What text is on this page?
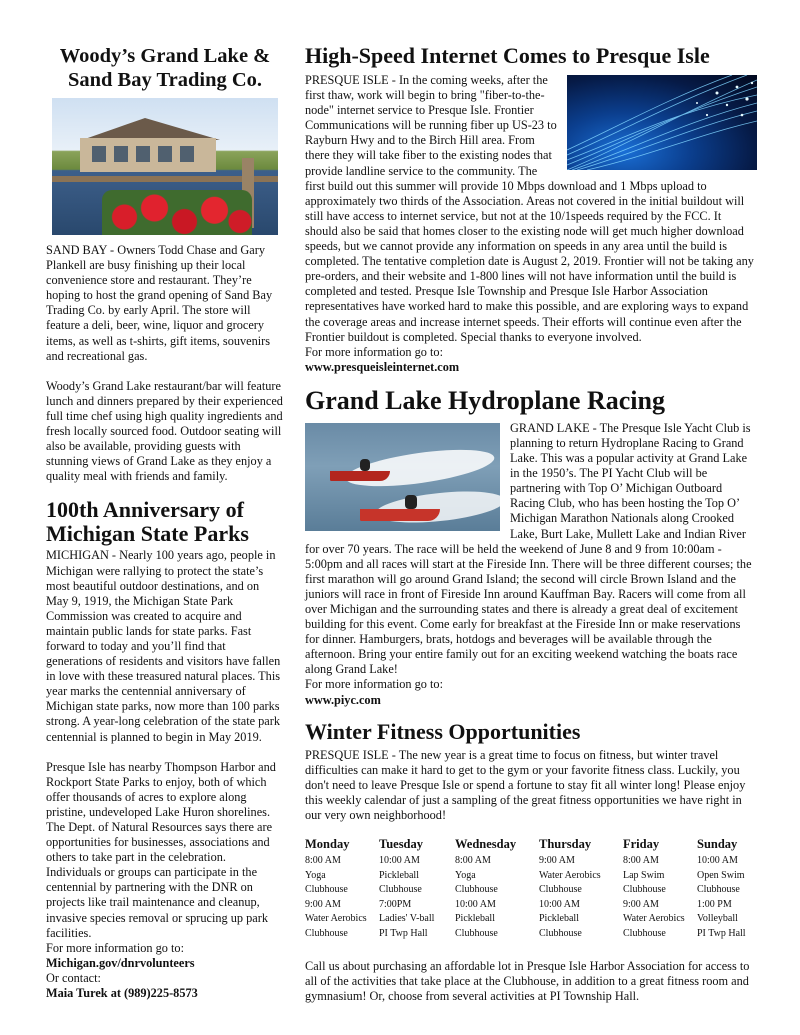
Woody’s Grand Lake & Sand Bay Trading Co.

SAND BAY - Owners Todd Chase and Gary Plankell are busy finishing up their local convenience store and restaurant. They’re hoping to host the grand opening of Sand Bay Trading Co. by early April. The store will feature a deli, beer, wine, liquor and grocery items, as well as t-shirts, gift items, souvenirs and recreational gas.

Woody’s Grand Lake restaurant/bar will feature lunch and dinners prepared by their experienced full time chef using high quality ingredients and fresh locally sourced food. Outdoor seating will also be available, providing guests with stunning views of Grand Lake as they enjoy a quality meal with friends and family.

100th Anniversary of Michigan State Parks

MICHIGAN - Nearly 100 years ago, people in Michigan were rallying to protect the state’s most beautiful outdoor destinations, and on May 9, 1919, the Michigan State Park Commission was created to acquire and maintain public lands for state parks. Fast forward to today and you’ll find that generations of residents and visitors have fallen in love with these treasured natural places. This year marks the centennial anniversary of Michigan state parks, now more than 100 parks strong. A year-long celebration of the state park centennial is planned to begin in May 2019.

Presque Isle has nearby Thompson Harbor and Rockport State Parks to enjoy, both of which offer thousands of acres to explore along pristine, undeveloped Lake Huron shorelines. The Dept. of Natural Resources says there are opportunities for businesses, associations and others to take part in the celebration. Individuals or groups can participate in the centennial by partnering with the DNR on projects like trail maintenance and cleanup, invasive species removal or sprucing up park facilities.

For more information go to:

Michigan.gov/dnrvolunteers

Or contact:

Maia Turek at (989)225-8573

High-Speed Internet Comes to Presque Isle

PRESQUE ISLE - In the coming weeks, after the first thaw, work will begin to bring "fiber-to-the-node" internet service to Presque Isle. Frontier Communications will be running fiber up US-23 to Rayburn Hwy and to the Birch Hill area. From there they will take fiber to the existing nodes that provide landline service to the community. The first build out this summer will provide 10 Mbps download and 1 Mbps upload to approximately two thirds of the Association. Areas not covered in the initial buildout will still have access to internet service, but not at the 10/1speeds required by the FCC. It should also be said that homes closer to the existing node will get much higher download speeds, but we cannot provide any information on speeds in any area until the build is completed. The tentative completion date is August 2, 2019. Frontier will not be taking any pre-orders, and their website and 1-800 lines will not have information until the build is completed and tested. Presque Isle Township and Presque Isle Harbor Association representatives have worked hard to make this possible, and are exploring ways to expand the coverage areas and increase internet speeds. Their efforts will continue even after the Frontier buildout is completed. Special thanks to everyone involved.

For more information go to:

www.presqueisleinternet.com

Grand Lake Hydroplane Racing

GRAND LAKE - The Presque Isle Yacht Club is planning to return Hydroplane Racing to Grand Lake. This was a popular activity at Grand Lake in the 1950’s. The PI Yacht Club will be partnering with Top O’ Michigan Outboard Racing Club, who has been hosting the Top O’ Michigan Marathon Nationals along Crooked Lake, Burt Lake, Mullett Lake and Indian River for over 70 years. The race will be held the weekend of June 8 and 9 from 10:00am - 5:00pm and all races will start at the Fireside Inn. There will be three different courses; the first marathon will go around Grand Island; the second will circle Brown Island and the juniors will race in front of Fireside Inn around Kauffman Bay. Racers will come from all over Michigan and the surrounding states and there is already a great deal of excitement building for this event. Come early for breakfast at the Fireside Inn or make reservations for dinner. Hamburgers, brats, hotdogs and beverages will be available through the afternoon. Bring your entire family out for an exciting weekend watching the boats race along Grand Lake!

For more information go to:

www.piyc.com

Winter Fitness Opportunities

PRESQUE ISLE - The new year is a great time to focus on fitness, but winter travel difficulties can make it hard to get to the gym or your favorite fitness class. Luckily, you don't need to leave Presque Isle or spend a fortune to stay fit all winter long! Please enjoy this weekly calendar of just a sampling of the great fitness opportunities we have right in our very own neighborhood!

Monday	Tuesday	Wednesday	Thursday	Friday	Sunday
8:00 AM	10:00 AM	8:00 AM	9:00 AM	8:00 AM	10:00 AM
Yoga	Pickleball	Yoga	Water Aerobics	Lap Swim	Open Swim
Clubhouse	Clubhouse	Clubhouse	Clubhouse	Clubhouse	Clubhouse
9:00 AM	7:00PM	10:00 AM	10:00 AM	9:00 AM	1:00 PM
Water Aerobics	Ladies' V-ball	Pickleball	Pickleball	Water Aerobics	Volleyball
Clubhouse	PI Twp Hall	Clubhouse	Clubhouse	Clubhouse	PI Twp Hall

Call us about purchasing an affordable lot in Presque Isle Harbor Association for access to all of the activities that take place at the Clubhouse, in addition to a great fitness room and gymnasium! Or, choose from several activities at PI Township Hall.
